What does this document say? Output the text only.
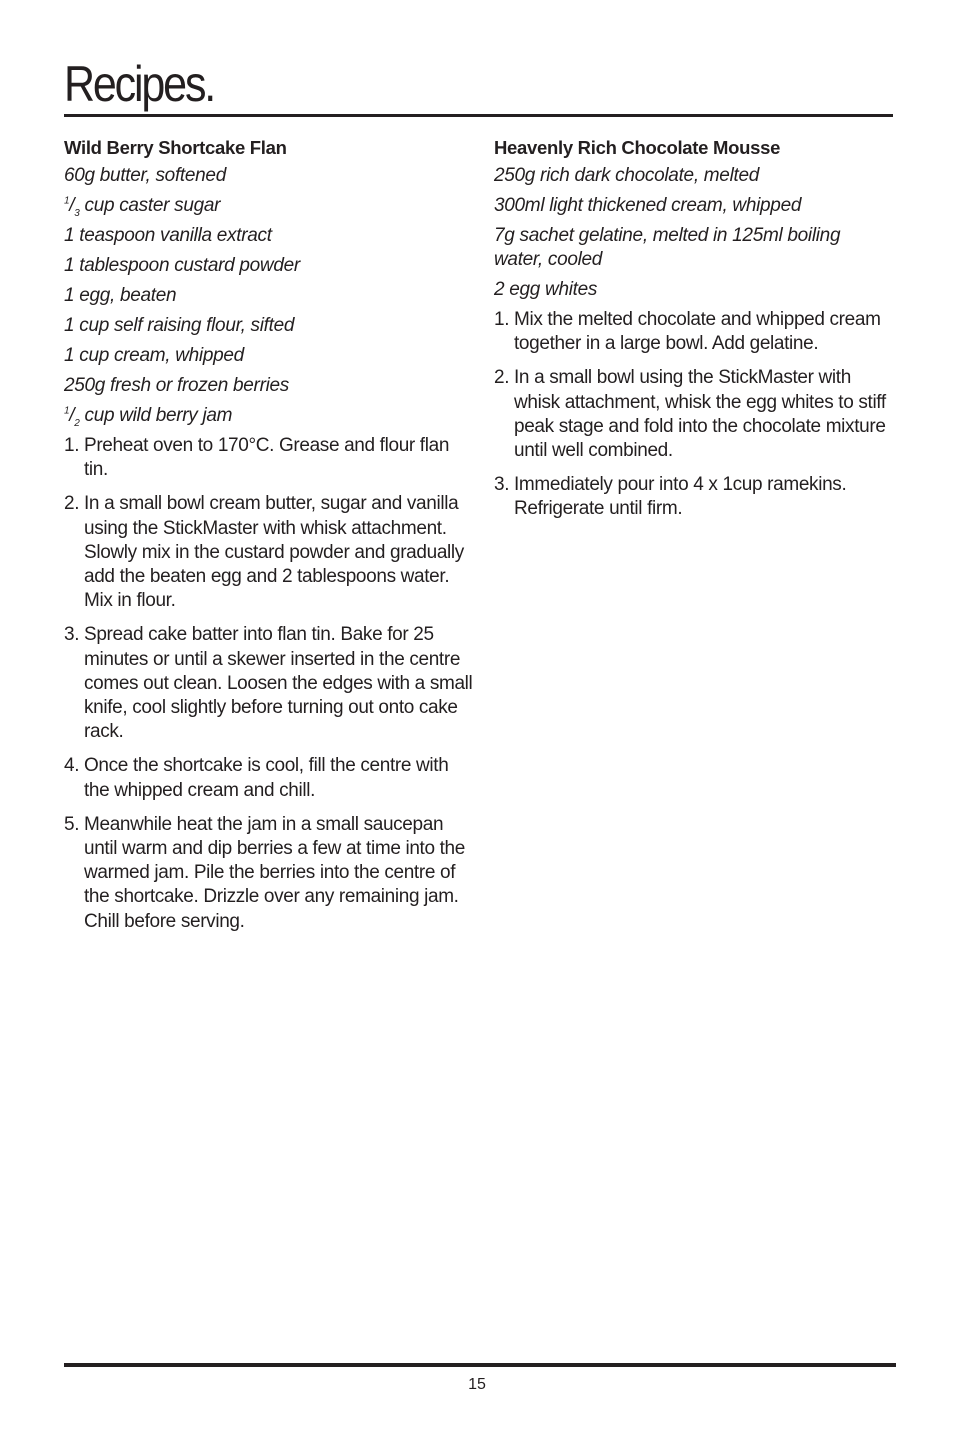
Recipes.
Wild Berry Shortcake Flan
60g butter, softened
$^1/_3$ cup caster sugar
1 teaspoon vanilla extract
1 tablespoon custard powder
1 egg, beaten
1 cup self raising flour, sifted
1 cup cream, whipped
250g fresh or frozen berries
$^1/_2$ cup wild berry jam
1. Preheat oven to 170°C. Grease and flour flan tin.
2. In a small bowl cream butter, sugar and vanilla using the StickMaster with whisk attachment. Slowly mix in the custard powder and gradually add the beaten egg and 2 tablespoons water. Mix in flour.
3. Spread cake batter into flan tin. Bake for 25 minutes or until a skewer inserted in the centre comes out clean. Loosen the edges with a small knife, cool slightly before turning out onto cake rack.
4. Once the shortcake is cool, fill the centre with the whipped cream and chill.
5. Meanwhile heat the jam in a small saucepan until warm and dip berries a few at time into the warmed jam. Pile the berries into the centre of the shortcake. Drizzle over any remaining jam. Chill before serving.
Heavenly Rich Chocolate Mousse
250g rich dark chocolate, melted
300ml light thickened cream, whipped
7g sachet gelatine, melted in 125ml boiling water, cooled
2 egg whites
1. Mix the melted chocolate and whipped cream together in a large bowl. Add gelatine.
2. In a small bowl using the StickMaster with whisk attachment, whisk the egg whites to stiff peak stage and fold into the chocolate mixture until well combined.
3. Immediately pour into 4 x 1cup ramekins. Refrigerate until firm.
15
